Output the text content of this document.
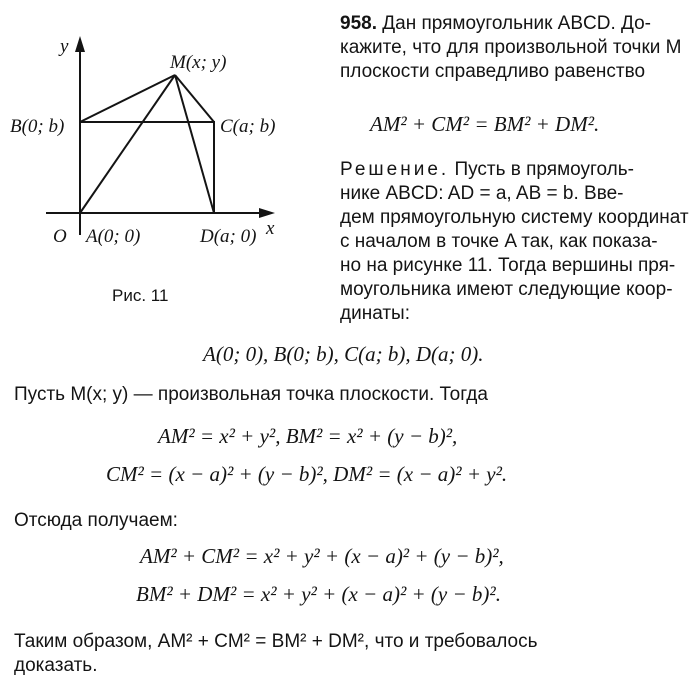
y
x
O
M(x; y)
B(0; b)	C(a; b)
A(0; 0)	D(a; 0)
Рис. 11
958. Дан прямоугольник ABCD. До-
кажите, что для произвольной точки M
плоскости справедливо равенство
AM² + CM² = BM² + DM².
Решение. Пусть в прямоуголь-
нике ABCD: AD = a, AB = b. Вве-
дем прямоугольную систему координат
с началом в точке A так, как показа-
но на рисунке 11. Тогда вершины пря-
моугольника имеют следующие коор-
динаты:
A(0; 0), B(0; b), C(a; b), D(a; 0).
Пусть M(x; y) — произвольная точка плоскости. Тогда
AM² = x² + y², BM² = x² + (y − b)²,
CM² = (x − a)² + (y − b)², DM² = (x − a)² + y².
Отсюда получаем:
AM² + CM² = x² + y² + (x − a)² + (y − b)²,
BM² + DM² = x² + y² + (x − a)² + (y − b)².
Таким образом, AM² + CM² = BM² + DM², что и требовалось
доказать.
